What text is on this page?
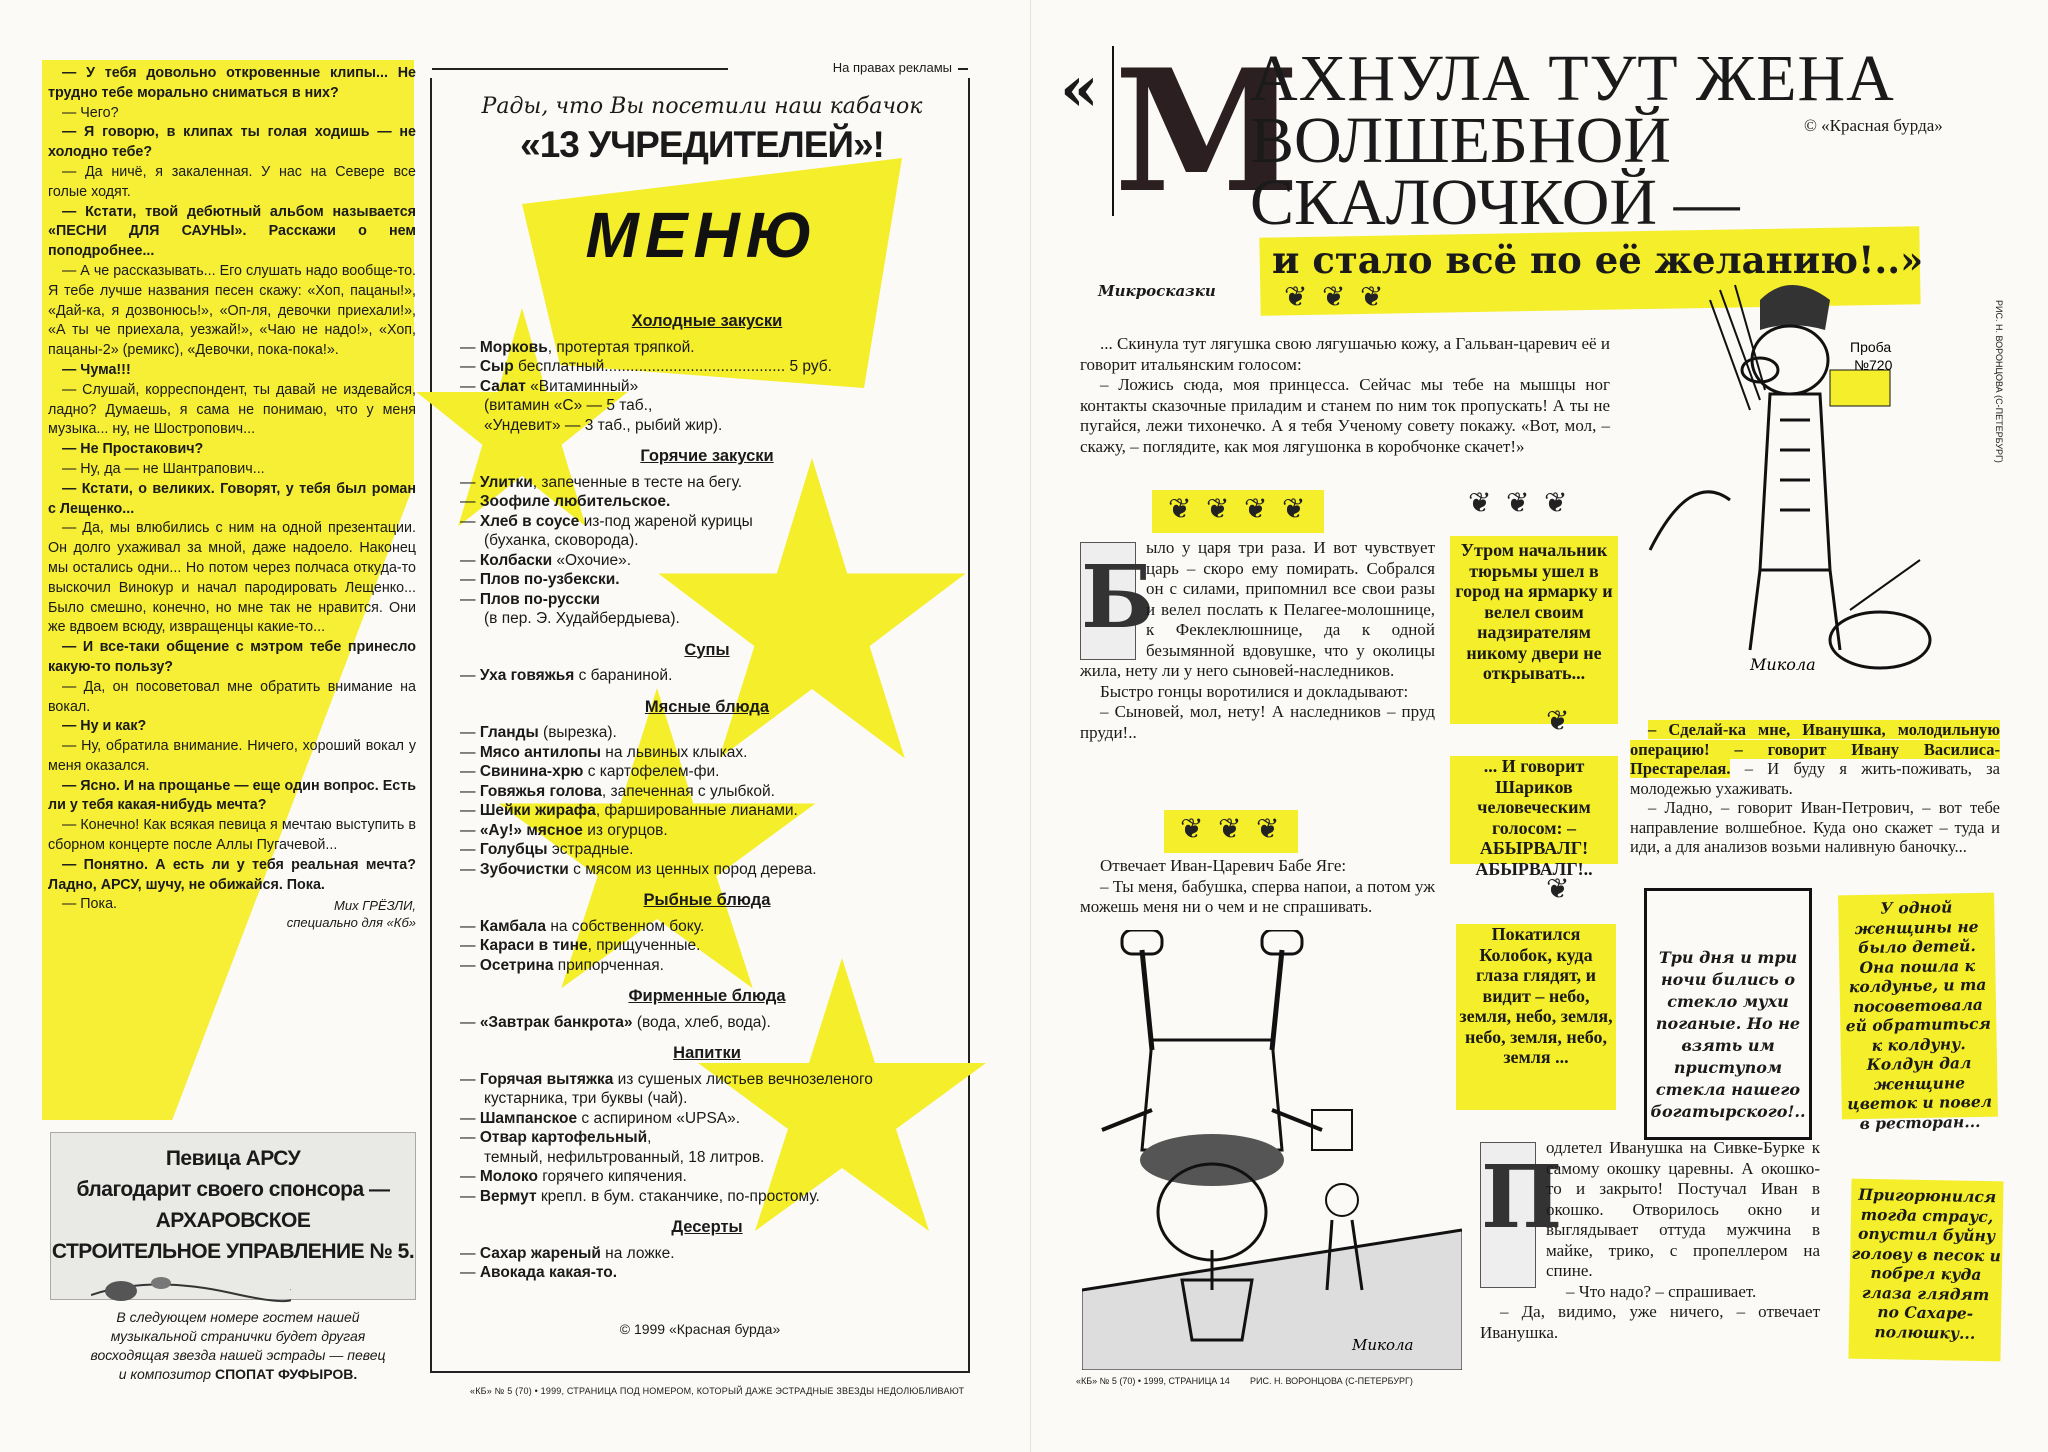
— У тебя довольно откровенные клипы... Не трудно тебе морально сниматься в них?

— Чего?

— Я говорю, в клипах ты голая ходишь — не холодно тебе?

— Да ничё, я закаленная. У нас на Севере все голые ходят.

— Кстати, твой дебютный альбом называется «ПЕСНИ ДЛЯ САУНЫ». Расскажи о нем поподробнее...

— А че рассказывать... Его слушать надо вообще-то. Я тебе лучше названия песен скажу: «Хоп, пацаны!», «Дай-ка, я дозвонюсь!», «Оп-ля, девочки приехали!», «А ты че приехала, уезжай!», «Чаю не надо!», «Хоп, пацаны-2» (ремикс), «Девочки, пока-пока!».

— Чума!!!

— Слушай, корреспондент, ты давай не издевайся, ладно? Думаешь, я сама не понимаю, что у меня музыка... ну, не Шостропович...

— Не Простакович?

— Ну, да — не Шантрапович...

— Кстати, о великих. Говорят, у тебя был роман с Лещенко...

— Да, мы влюбились с ним на одной презентации. Он долго ухаживал за мной, даже надоело. Наконец мы остались одни... Но потом через полчаса откуда-то выскочил Винокур и начал пародировать Лещенко... Было смешно, конечно, но мне так не нравится. Они же вдвоем всюду, извращенцы какие-то...

— И все-таки общение с мэтром тебе принесло какую-то пользу?

— Да, он посоветовал мне обратить внимание на вокал.

— Ну и как?

— Ну, обратила внимание. Ничего, хороший вокал у меня оказался.

— Ясно. И на прощанье — еще один вопрос. Есть ли у тебя какая-нибудь мечта?

— Конечно! Как всякая певица я мечтаю выступить в сборном концерте после Аллы Пугачевой...

— Понятно. А есть ли у тебя реальная мечта? Ладно, АРСУ, шучу, не обижайся. Пока.

— Пока.	Мих ГРЁЗЛИ,
специально для «Кб»
Певица АРСУ
благодарит своего спонсора —
АРХАРОВСКОЕ
СТРОИТЕЛЬНОЕ УПРАВЛЕНИЕ № 5.
В следующем номере гостем нашей музыкальной странички будет другая восходящая звезда нашей эстрады — певец и композитор СПОПАТ ФУФЫРОВ.
На правах рекламы
Рады, что Вы посетили наш кабачок
«13 УЧРЕДИТЕЛЕЙ»!
МЕНЮ
Холодные закуски
— Морковь, протертая тряпкой.
— Сыр бесплатный.......................................... 5 руб.
— Салат «Витаминный»
(витамин «С» — 5 таб.,
«Ундевит» — 3 таб., рыбий жир).
Горячие закуски
— Улитки, запеченные в тесте на бегу.
— Зоофиле любительское.
— Хлеб в соусе из-под жареной курицы
(буханка, сковорода).
— Колбаски «Охочие».
— Плов по-узбекски.
— Плов по-русски
(в пер. Э. Худайбердыева).
Супы
— Уха говяжья с бараниной.
Мясные блюда
— Гланды (вырезка).
— Мясо антилопы на львиных клыках.
— Свинина-хрю с картофелем-фи.
— Говяжья голова, запеченная с улыбкой.
— Шейки жирафа, фаршированные лианами.
— «Ау!» мясное из огурцов.
— Голубцы эстрадные.
— Зубочистки с мясом из ценных пород дерева.
Рыбные блюда
— Камбала на собственном боку.
— Караси в тине, прищученные.
— Осетрина припорченная.
Фирменные блюда
— «Завтрак банкрота» (вода, хлеб, вода).
Напитки
— Горячая вытяжка из сушеных листьев вечнозеленого
кустарника, три буквы (чай).
— Шампанское с аспирином «UPSA».
— Отвар картофельный,
темный, нефильтрованный, 18 литров.
— Молоко горячего кипячения.
— Вермут крепл. в бум. стаканчике, по-простому.
Десерты
— Сахар жареный на ложке.
— Авокада какая-то.
© 1999 «Красная бурда»
«КБ» № 5 (70) • 1999, СТРАНИЦА ПОД НОМЕРОМ, КОТОРЫЙ ДАЖЕ ЭСТРАДНЫЕ ЗВЕЗДЫ НЕДОЛЮБЛИВАЮТ
« М
АХНУЛА ТУТ ЖЕНА
ВОЛШЕБНОЙ
СКАЛОЧКОЙ —
и стало всё по её желанию!..»
© «Красная бурда»
Микросказки
❦❦❦

... Скинула тут лягушка свою лягушачью кожу, а Гальван-царевич её и говорит итальянским голосом:

– Ложись сюда, моя принцесса. Сейчас мы тебе на мышцы ног контакты сказочные приладим и станем по ним ток пропускать! А ты не пугайся, лежи тихонечко. А я тебя Ученому совету покажу. «Вот, мол, – скажу, – поглядите, как моя лягушонка в коробчонке скачет!»

❦❦❦❦
Б

ыло у царя три раза. И вот чувствует царь – скоро ему помирать. Собрался он с силами, припомнил все свои разы и велел послать к Пелагее-молошнице, к Феклеклюшнице, да к одной безымянной вдовушке, что у околицы жила, нету ли у него сыновей-наследников.

Быстро гонцы воротилися и докладывают:

– Сыновей, мол, нету! А наследников – пруд пруди!..

❦❦❦

Отвечает Иван-Царевич Бабе Яге:

– Ты меня, бабушка, сперва напои, а потом уж можешь меня ни о чем и не спрашивать.

❦❦❦
Утром начальник тюрьмы ушел в город на ярмарку и велел своим надзирателям никому двери не открывать...
❦
... И говорит Шариков человеческим голосом: – АБЫРВАЛГ! АБЫРВАЛГ!..
❦
Покатился Колобок, куда глаза глядят, и видит – небо, земля, небо, земля, небо, земля, небо, земля ...
Проба
№720
Микола
РИС. Н. ВОРОНЦОВА (С-ПЕТЕРБУРГ)

– Сделай-ка мне, Иванушка, молодильную операцию! – говорит Ивану Василиса-Престарелая. – И буду я жить-поживать, за молодежью ухаживать.

– Ладно, – говорит Иван-Петрович, – вот тебе направление волшебное. Куда оно скажет – туда и иди, а для анализов возьми наливную баночку...

Три дня и три ночи бились о стекло мухи поганые. Но не взять им приступом стекла нашего богатырского!..
У одной женщины не было детей. Она пошла к колдунье, и та посоветовала ей обратиться к колдуну. Колдун дал женщине цветок и повел в ресторан...
Пригорюнился тогда страус, опустил буйну голову в песок и побрел куда глаза глядят по Сахаре-полюшку...
Микола
П

одлетел Иванушка на Сивке-Бурке к самому окошку царевны. А окошко-то и закрыто! Постучал Иван в окошко. Отворилось окно и выглядывает оттуда мужчина в майке, трико, с пропеллером на спине.

– Что надо? – спрашивает.

– Да, видимо, уже ничего, – отвечает Иванушка.

«КБ» № 5 (70) • 1999, СТРАНИЦА 14 РИС. Н. ВОРОНЦОВА (С-ПЕТЕРБУРГ)
